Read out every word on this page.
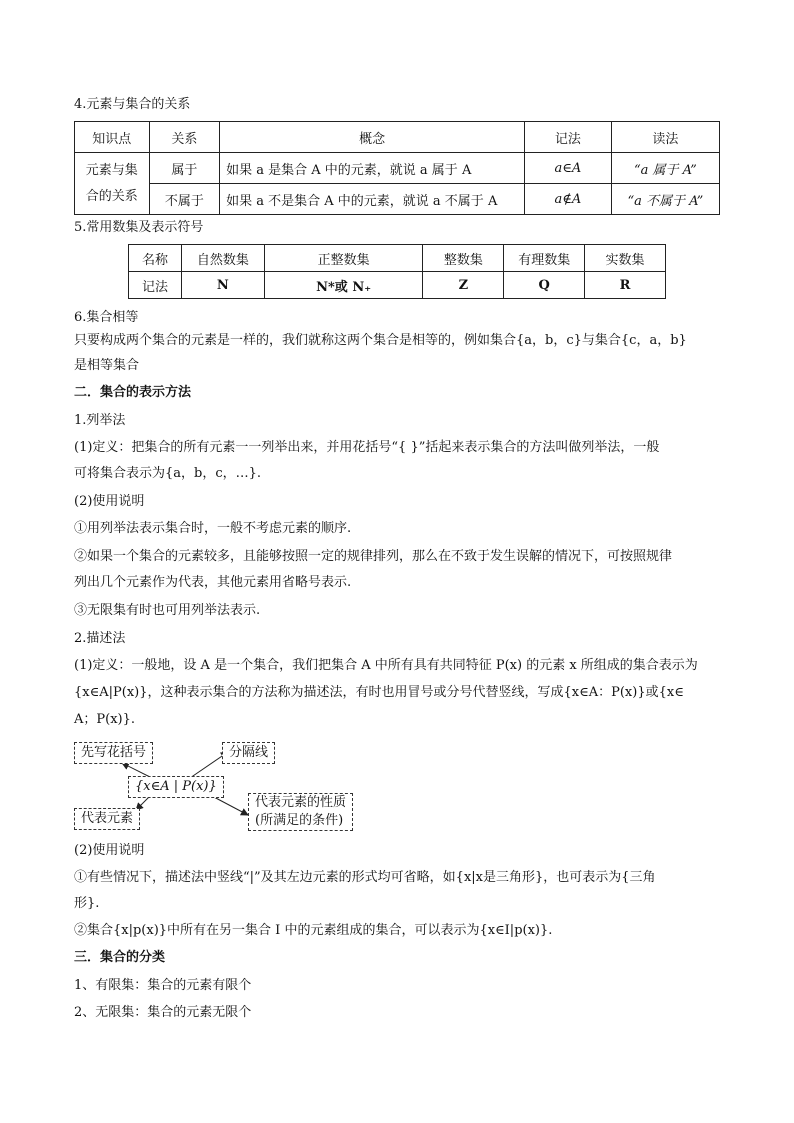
4.元素与集合的关系
知识点	关系	概念	记法	读法

元素与集
合的关系	属于	如果 a 是集合 A 中的元素，就说 a 属于 A	a∈A	“a 属于 A”
	不属于	如果 a 不是集合 A 中的元素，就说 a 不属于 A	a∉A	“a 不属于 A”
5.常用数集及表示符号
名称	自然数集	正整数集	整数集	有理数集	实数集
记法	N	N*或 N₊	Z	Q	R
6.集合相等
只要构成两个集合的元素是一样的，我们就称这两个集合是相等的，例如集合{a，b，c}与集合{c，a，b}
是相等集合
二．集合的表示方法
1.列举法
(1)定义：把集合的所有元素一一列举出来，并用花括号“{ }”括起来表示集合的方法叫做列举法，一般
可将集合表示为{a，b，c，…}.
(2)使用说明
①用列举法表示集合时，一般不考虑元素的顺序.
②如果一个集合的元素较多，且能够按照一定的规律排列，那么在不致于发生误解的情况下，可按照规律
列出几个元素作为代表，其他元素用省略号表示.
③无限集有时也可用列举法表示.
2.描述法
(1)定义：一般地，设 A 是一个集合，我们把集合 A 中所有具有共同特征 P(x) 的元素 x 所组成的集合表示为
{x∈A|P(x)}，这种表示集合的方法称为描述法，有时也用冒号或分号代替竖线，写成{x∈A：P(x)}或{x∈
A；P(x)}.
先写花括号	分隔线
{x∈A | P(x)}
代表元素
代表元素的性质
(所满足的条件)
(2)使用说明
①有些情况下，描述法中竖线“|”及其左边元素的形式均可省略，如{x|x是三角形}，也可表示为{三角
形}.
②集合{x|p(x)}中所有在另一集合 I 中的元素组成的集合，可以表示为{x∈I|p(x)}.
三．集合的分类
1、有限集：集合的元素有限个
2、无限集：集合的元素无限个
